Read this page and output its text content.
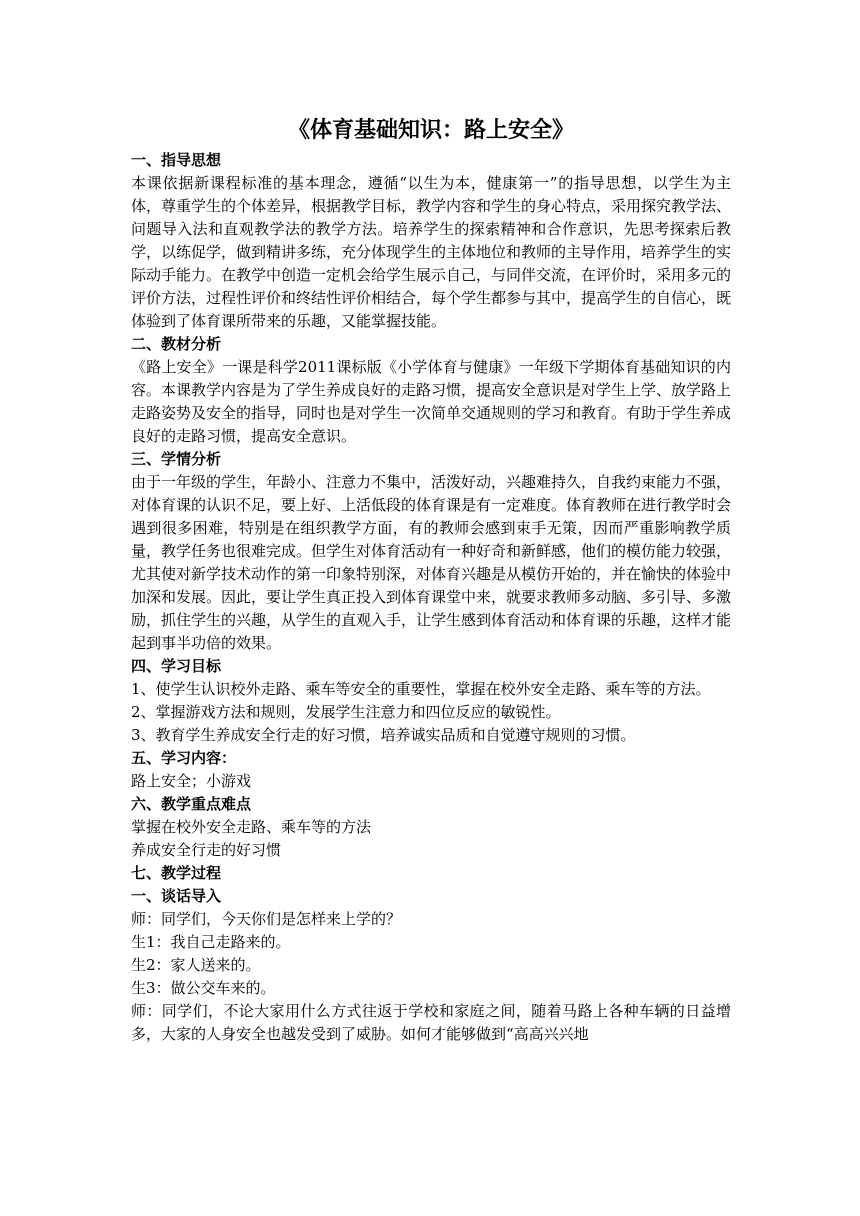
《体育基础知识：路上安全》
一、指导思想
本课依据新课程标准的基本理念，遵循“以生为本，健康第一”的指导思想，以学生为主体，尊重学生的个体差异，根据教学目标，教学内容和学生的身心特点，采用探究教学法、问题导入法和直观教学法的教学方法。培养学生的探索精神和合作意识，先思考探索后教学，以练促学，做到精讲多练，充分体现学生的主体地位和教师的主导作用，培养学生的实际动手能力。在教学中创造一定机会给学生展示自己，与同伴交流，在评价时，采用多元的评价方法，过程性评价和终结性评价相结合，每个学生都参与其中，提高学生的自信心，既体验到了体育课所带来的乐趣，又能掌握技能。
二、教材分析
《路上安全》一课是科学2011课标版《小学体育与健康》一年级下学期体育基础知识的内容。本课教学内容是为了学生养成良好的走路习惯，提高安全意识是对学生上学、放学路上走路姿势及安全的指导，同时也是对学生一次简单交通规则的学习和教育。有助于学生养成良好的走路习惯，提高安全意识。
三、学情分析
由于一年级的学生，年龄小、注意力不集中，活泼好动，兴趣难持久，自我约束能力不强，对体育课的认识不足，要上好、上活低段的体育课是有一定难度。体育教师在进行教学时会遇到很多困难，特别是在组织教学方面，有的教师会感到束手无策，因而严重影响教学质量，教学任务也很难完成。但学生对体育活动有一种好奇和新鲜感，他们的模仿能力较强，尤其使对新学技术动作的第一印象特别深，对体育兴趣是从模仿开始的，并在愉快的体验中加深和发展。因此，要让学生真正投入到体育课堂中来，就要求教师多动脑、多引导、多激励，抓住学生的兴趣，从学生的直观入手，让学生感到体育活动和体育课的乐趣，这样才能起到事半功倍的效果。
四、学习目标
1、使学生认识校外走路、乘车等安全的重要性，掌握在校外安全走路、乘车等的方法。
2、掌握游戏方法和规则，发展学生注意力和四位反应的敏锐性。
3、教育学生养成安全行走的好习惯，培养诚实品质和自觉遵守规则的习惯。
五、学习内容：
路上安全；小游戏
六、教学重点难点
掌握在校外安全走路、乘车等的方法
养成安全行走的好习惯
七、教学过程
一、谈话导入
师：同学们，今天你们是怎样来上学的？
生1：我自己走路来的。
生2：家人送来的。
生3：做公交车来的。
师：同学们，不论大家用什么方式往返于学校和家庭之间，随着马路上各种车辆的日益增多，大家的人身安全也越发受到了威胁。如何才能够做到“高高兴兴地
